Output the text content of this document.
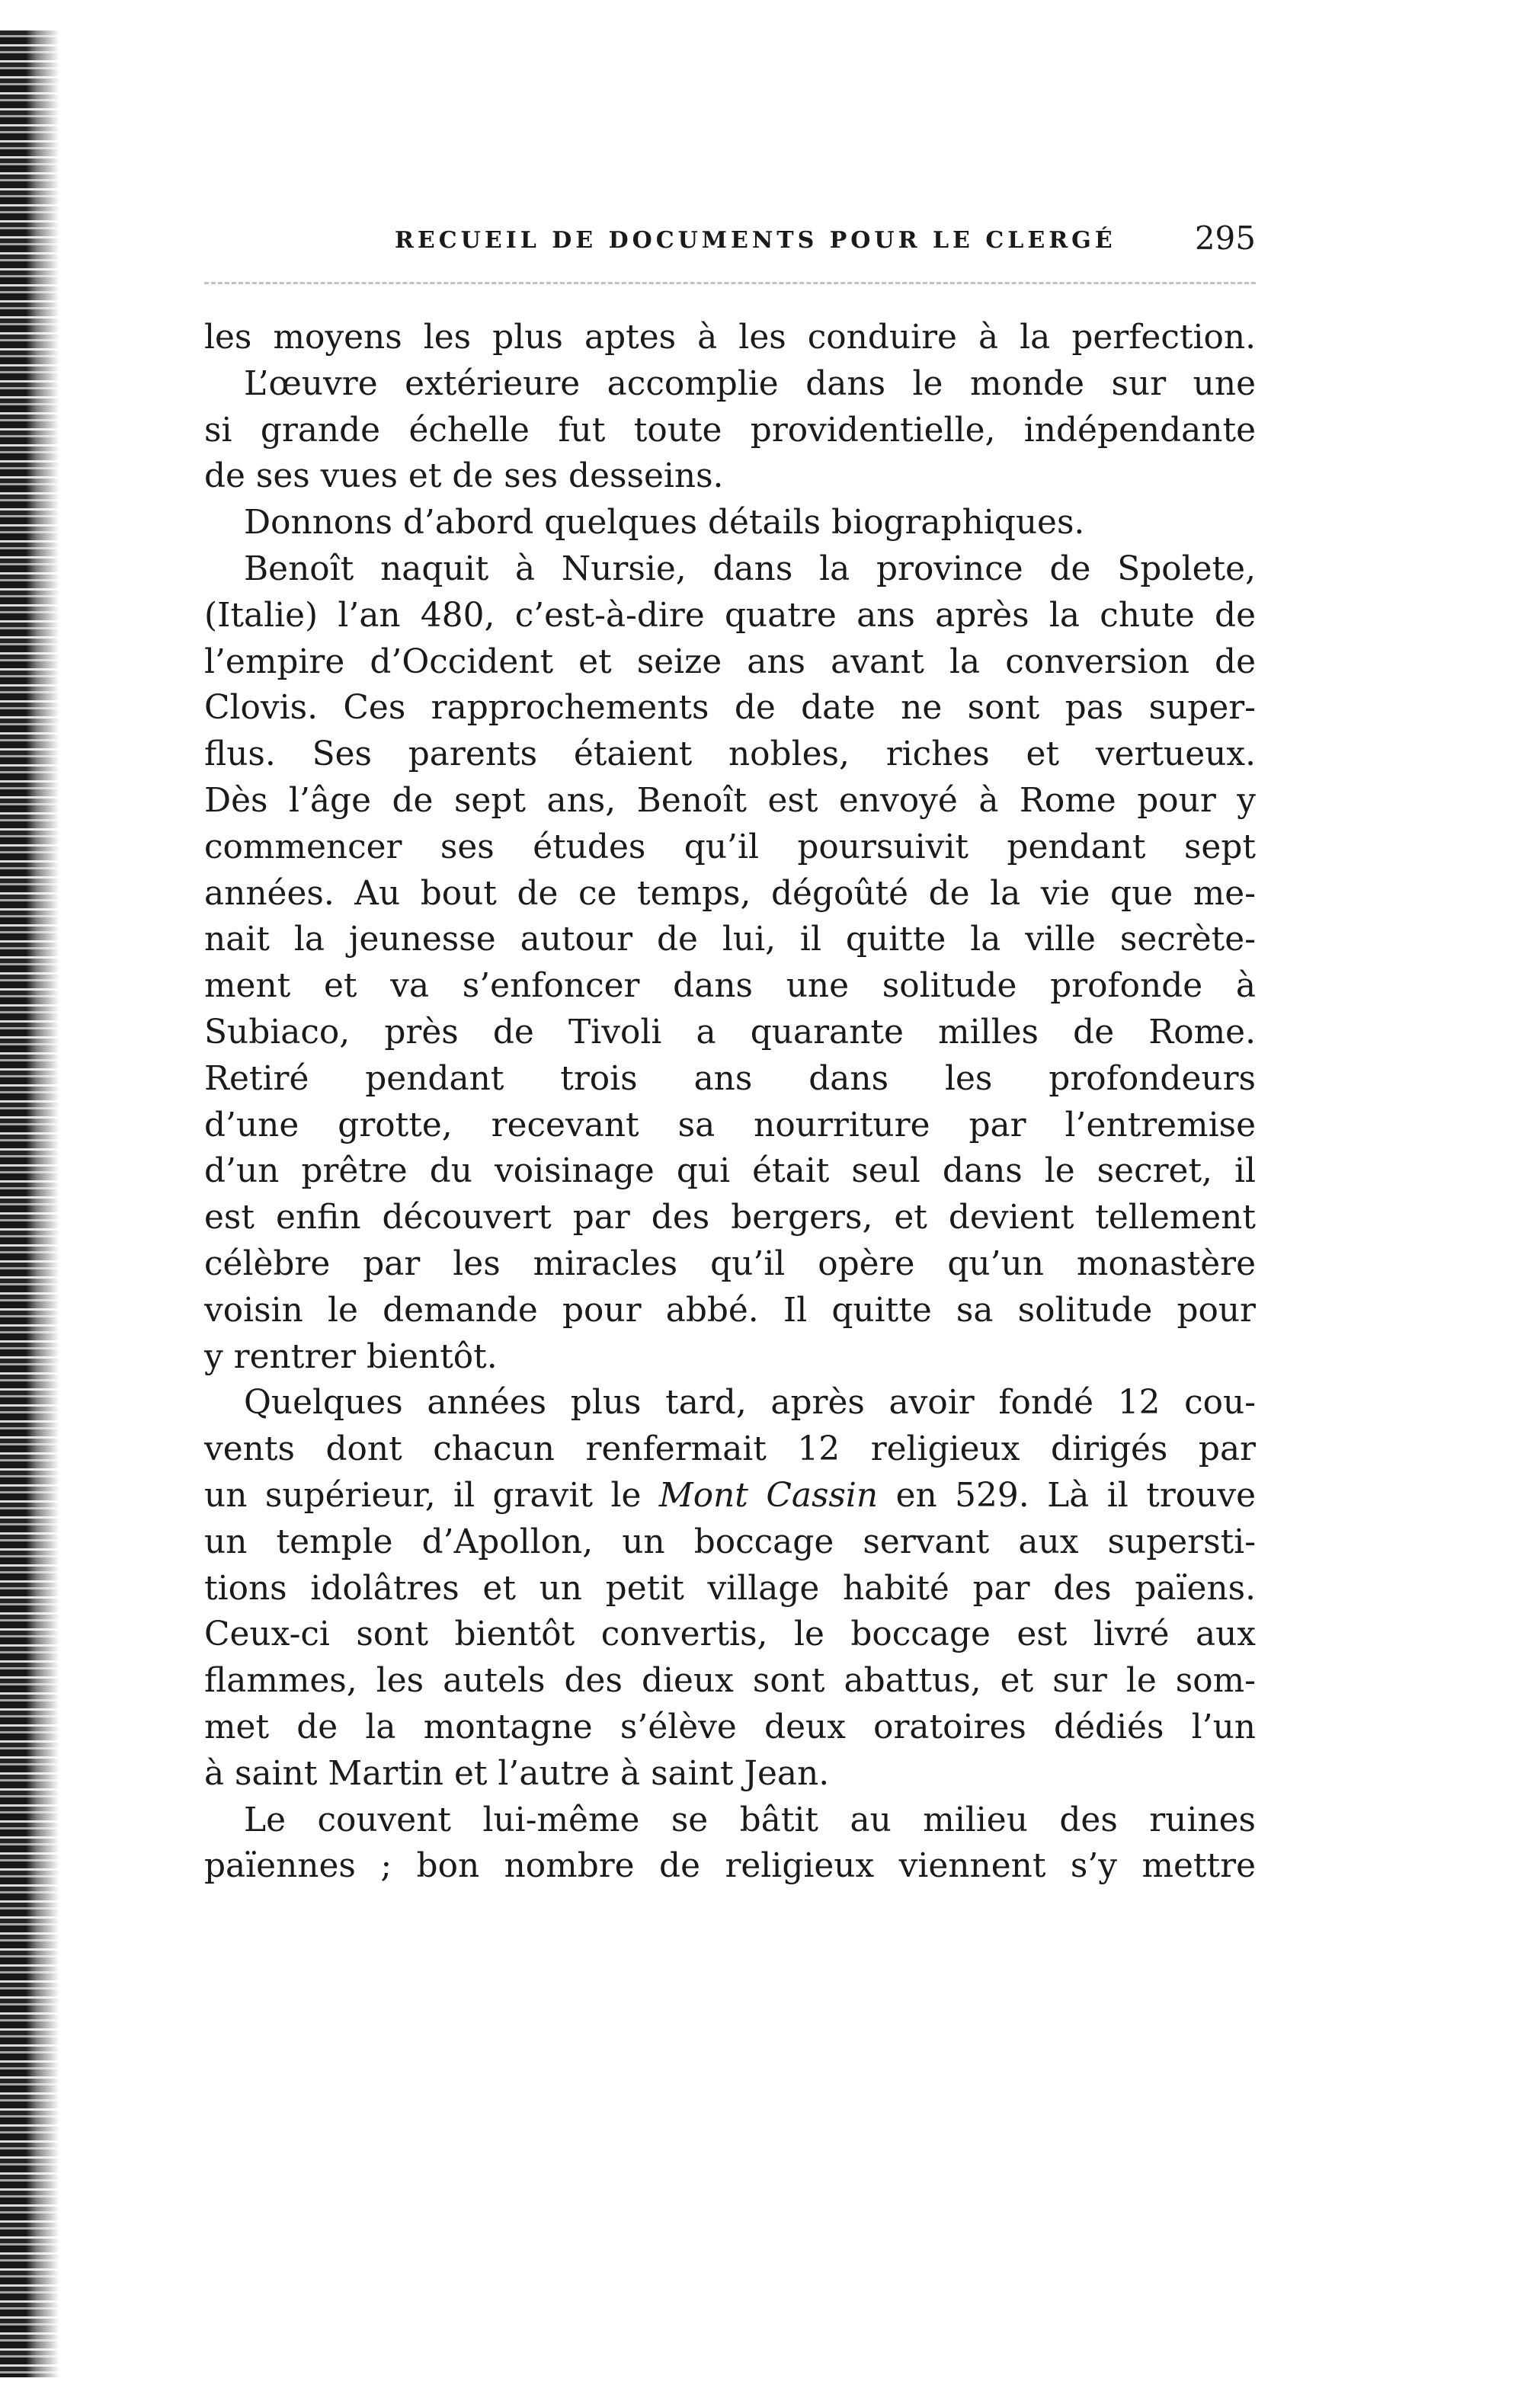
RECUEIL DE DOCUMENTS POUR LE CLERGÉ 295
les moyens les plus aptes à les conduire à la perfection.
L’œuvre extérieure accomplie dans le monde sur une
si grande échelle fut toute providentielle, indépendante
de ses vues et de ses desseins.
Donnons d’abord quelques détails biographiques.
Benoît naquit à Nursie, dans la province de Spolete,
(Italie) l’an 480, c’est-à-dire quatre ans après la chute de
l’empire d’Occident et seize ans avant la conversion de
Clovis. Ces rapprochements de date ne sont pas super-
flus. Ses parents étaient nobles, riches et vertueux.
Dès l’âge de sept ans, Benoît est envoyé à Rome pour y
commencer ses études qu’il poursuivit pendant sept
années. Au bout de ce temps, dégoûté de la vie que me-
nait la jeunesse autour de lui, il quitte la ville secrète-
ment et va s’enfoncer dans une solitude profonde à
Subiaco, près de Tivoli a quarante milles de Rome.
Retiré pendant trois ans dans les profondeurs
d’une grotte, recevant sa nourriture par l’entremise
d’un prêtre du voisinage qui était seul dans le secret, il
est enfin découvert par des bergers, et devient tellement
célèbre par les miracles qu’il opère qu’un monastère
voisin le demande pour abbé. Il quitte sa solitude pour
y rentrer bientôt.
Quelques années plus tard, après avoir fondé 12 cou-
vents dont chacun renfermait 12 religieux dirigés par
un supérieur, il gravit le Mont Cassin en 529. Là il trouve
un temple d’Apollon, un boccage servant aux supersti-
tions idolâtres et un petit village habité par des païens.
Ceux-ci sont bientôt convertis, le boccage est livré aux
flammes, les autels des dieux sont abattus, et sur le som-
met de la montagne s’élève deux oratoires dédiés l’un
à saint Martin et l’autre à saint Jean.
Le couvent lui-même se bâtit au milieu des ruines
païennes ; bon nombre de religieux viennent s’y mettre
